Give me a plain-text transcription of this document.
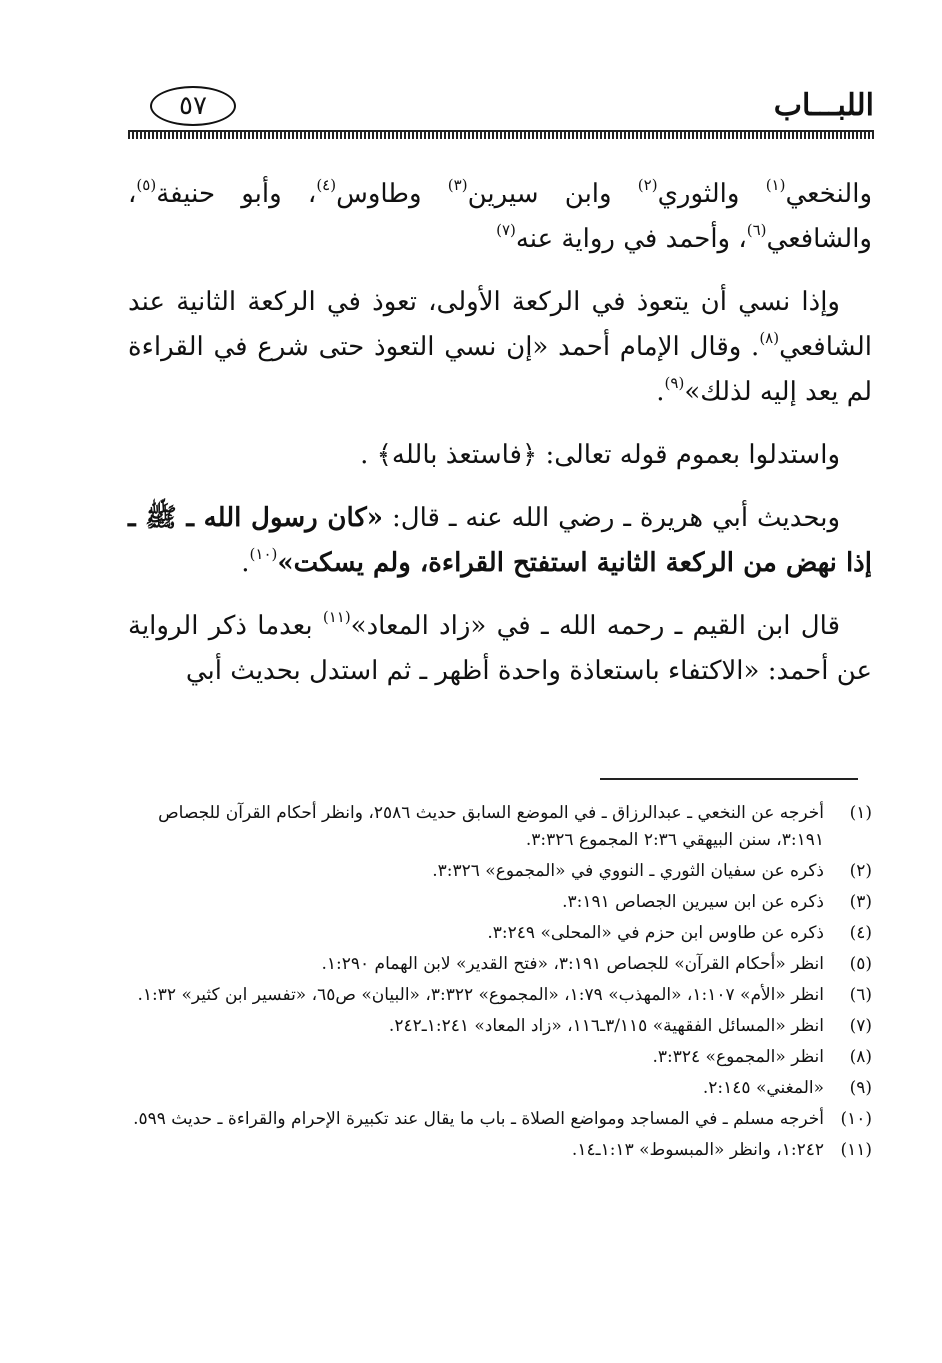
اللبـــاب
٥٧

والنخعي$^{(١)}$ والثوري$^{(٢)}$ وابن سيرين$^{(٣)}$ وطاوس$^{(٤)}$، وأبو حنيفة$^{(٥)}$، والشافعي$^{(٦)}$، وأحمد في رواية عنه$^{(٧)}$

وإذا نسي أن يتعوذ في الركعة الأولى، تعوذ في الركعة الثانية عند الشافعي$^{(٨)}$. وقال الإمام أحمد «إن نسي التعوذ حتى شرع في القراءة لم يعد إليه لذلك»$^{(٩)}$.

واستدلوا بعموم قوله تعالى: ﴿فاستعذ بالله﴾ .

وبحديث أبي هريرة ـ رضي الله عنه ـ قال: «كان رسول الله ـ ﷺ ـ إذا نهض من الركعة الثانية استفتح القراءة، ولم يسكت»$^{(١٠)}$.

قال ابن القيم ـ رحمه الله ـ في «زاد المعاد»$^{(١١)}$ بعدما ذكر الرواية عن أحمد: «الاكتفاء باستعاذة واحدة أظهر ـ ثم استدل بحديث أبي

(١)
أخرجه عن النخعي ـ عبدالرزاق ـ في الموضع السابق حديث ٢٥٨٦، وانظر أحكام القرآن للجصاص ٣:١٩١، سنن البيهقي ٢:٣٦ المجموع ٣:٣٢٦.
(٢)
ذكره عن سفيان الثوري ـ النووي في «المجموع» ٣:٣٢٦.
(٣)
ذكره عن ابن سيرين الجصاص ٣:١٩١.
(٤)
ذكره عن طاوس ابن حزم في «المحلى» ٣:٢٤٩.
(٥)
انظر «أحكام القرآن» للجصاص ٣:١٩١، «فتح القدير» لابن الهمام ١:٢٩٠.
(٦)
انظر «الأم» ١:١٠٧، «المهذب» ١:٧٩، «المجموع» ٣:٣٢٢، «البيان» ص٦٥، «تفسير ابن كثير» ١:٣٢.
(٧)
انظر «المسائل الفقهية» ٣/١١٥ـ١١٦، «زاد المعاد» ١:٢٤١ـ٢٤٢.
(٨)
انظر «المجموع» ٣:٣٢٤.
(٩)
«المغني» ٢:١٤٥.
(١٠)
أخرجه مسلم ـ في المساجد ومواضع الصلاة ـ باب ما يقال عند تكبيرة الإحرام والقراءة ـ حديث ٥٩٩.
(١١)
١:٢٤٢، وانظر «المبسوط» ١:١٣ـ١٤.
